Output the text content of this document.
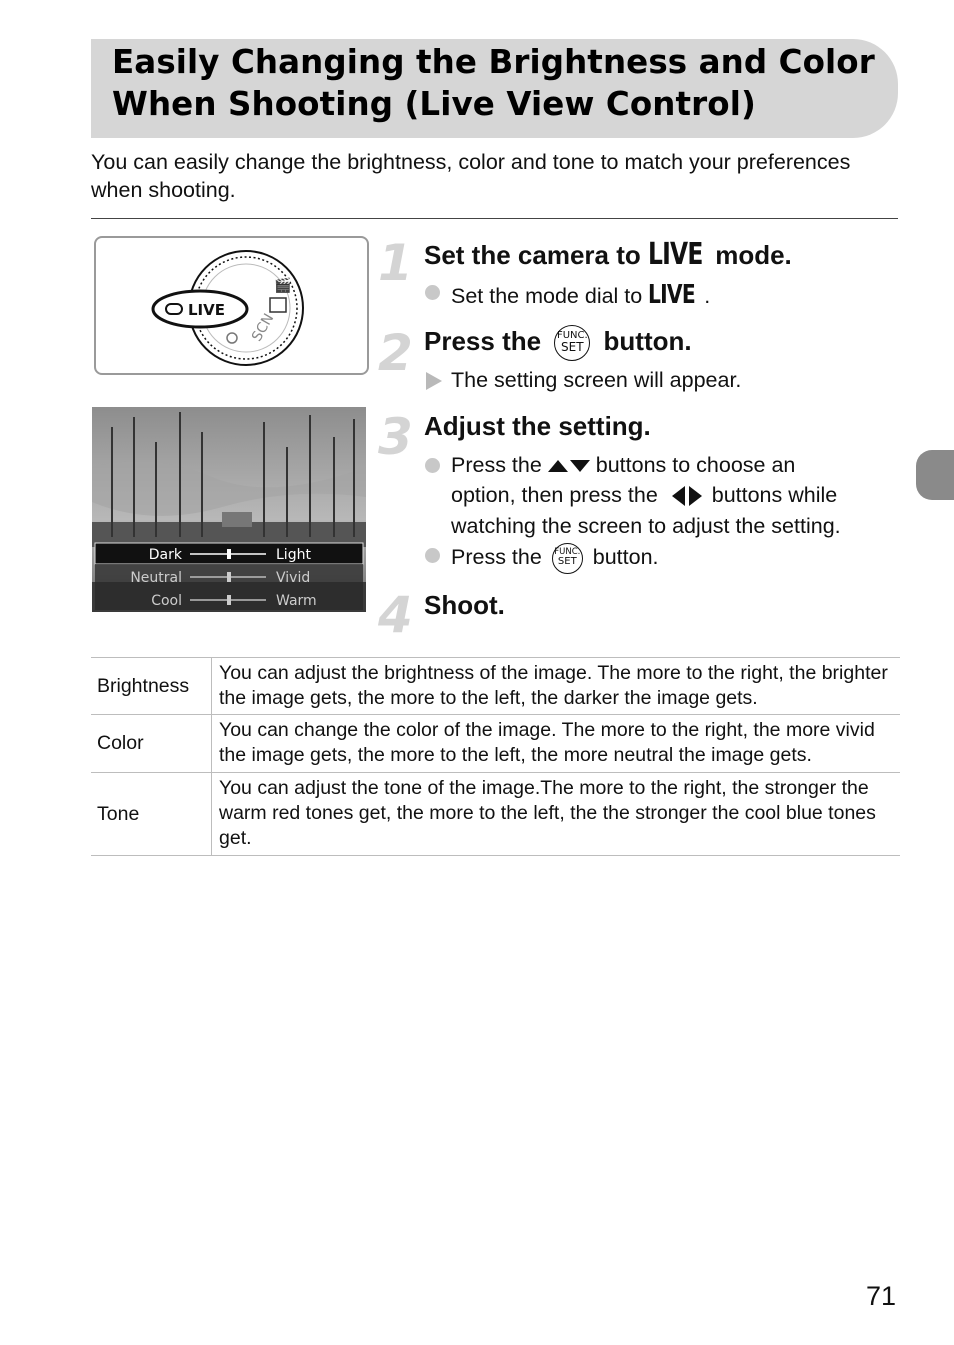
Easily Changing the Brightness and Color
When Shooting (Live View Control)
You can easily change the brightness, color and tone to match your preferences when shooting.
🎬
SCN
LIVE
Dark	Light
Neutral	Vivid
Cool	Warm
1 Set the camera to LIVE mode.
Set the mode dial to LIVE .
2 Press the FUNC.
SET button.
The setting screen will appear.
3 Adjust the setting.
Press the  buttons to choose an
option, then press the  buttons while
watching the screen to adjust the setting.
Press the FUNC.
SET button.
4 Shoot.
Brightness	You can adjust the brightness of the image. The more to the right, the brighter the image gets, the more to the left, the darker the image gets.
Color	You can change the color of the image. The more to the right, the more vivid the image gets, the more to the left, the more neutral the image gets.
Tone	You can adjust the tone of the image.The more to the right, the stronger the warm red tones get, the more to the left, the the stronger the cool blue tones get.
71
